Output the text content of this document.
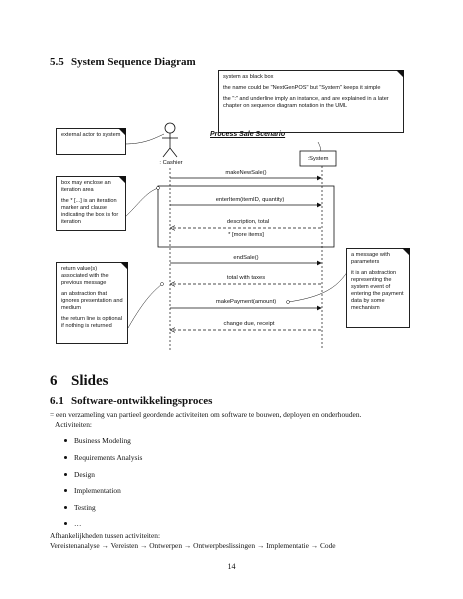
5.5 System Sequence Diagram

system as black box

the name could be "NextGenPOS" but "System" keeps it simple

the ":" and underline imply an instance, and are explained in a later chapter on sequence diagram notation in the UML

external actor to system	Process Sale Scenario
: Cashier
:System

box may enclose an iteration area

the * [...] is an iteration marker and clause indicating the box is for iteration

return value(s) associated with the previous message

an abstraction that ignores presentation and medium

the return line is optional if nothing is returned

a message with parameters

it is an abstraction representing the system event of entering the payment data by some mechanism

makeNewSale()
enterItem(itemID, quantity)
description, total
* [more items]
endSale()
total with taxes
makePayment(amount)
change due, receipt
6 Slides
6.1 Software-ontwikkelingsproces
= een verzameling van partieel geordende activiteiten om software te bouwen, deployen en onderhouden.
Activiteiten:
Business Modeling
Requirements Analysis
Design
Implementation
Testing
…
Afhankelijkheden tussen activiteiten:
Vereistenanalyse → Vereisten → Ontwerpen → Ontwerpbeslissingen → Implementatie → Code
14
